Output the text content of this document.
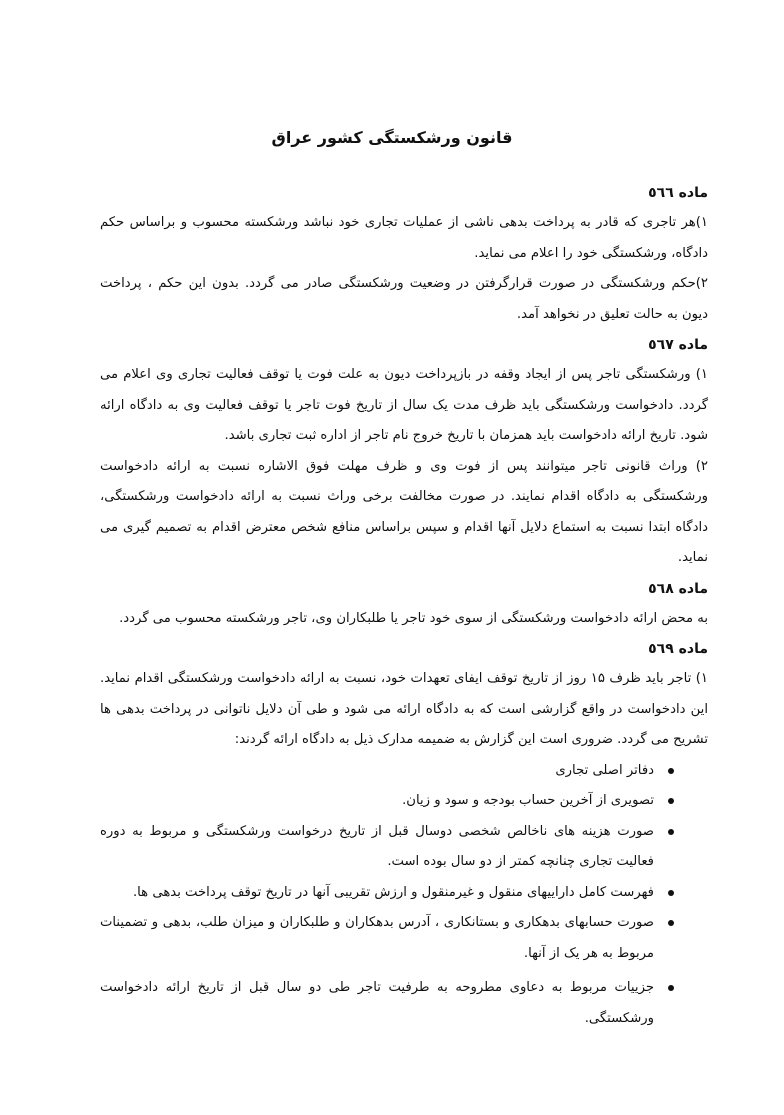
قانون ورشکستگی کشور عراق
ماده ٥٦٦

۱)هر تاجری که قادر به پرداخت بدهی ناشی از عملیات تجاری خود نباشد ورشکسته محسوب و براساس حکم دادگاه، ورشکستگی خود را اعلام می نماید.

۲)حکم ورشکستگی در صورت قرارگرفتن در وضعیت ورشکستگی صادر می گردد. بدون این حکم ، پرداخت دیون به حالت تعلیق در نخواهد آمد.

ماده ٥٦٧

۱) ورشکستگی تاجر پس از ایجاد وقفه در بازپرداخت دیون به علت فوت یا توقف فعالیت تجاری وی اعلام می گردد. دادخواست ورشکستگی باید ظرف مدت یک سال از تاریخ فوت تاجر یا توقف فعالیت وی به دادگاه ارائه شود. تاریخ ارائه دادخواست باید همزمان با تاریخ خروج نام تاجر از اداره ثبت تجاری باشد.

۲) وراث قانونی تاجر میتوانند پس از فوت وی و ظرف مهلت فوق الاشاره نسبت به ارائه دادخواست ورشکستگی به دادگاه اقدام نمایند. در صورت مخالفت برخی وراث نسبت به ارائه دادخواست ورشکستگی، دادگاه ابتدا نسبت به استماع دلایل آنها اقدام و سپس براساس منافع شخص معترض اقدام به تصمیم گیری می نماید.

ماده ٥٦٨

به محض ارائه دادخواست ورشکستگی از سوی خود تاجر یا طلبکاران وی، تاجر ورشکسته محسوب می گردد.

ماده ٥٦٩

۱) تاجر باید ظرف ۱۵ روز از تاریخ توقف ایفای تعهدات خود، نسبت به ارائه دادخواست ورشکستگی اقدام نماید. این دادخواست در واقع گزارشی است که به دادگاه ارائه می شود و طی آن دلایل ناتوانی در پرداخت بدهی ها تشریح می گردد. ضروری است این گزارش به ضمیمه مدارک ذیل به دادگاه ارائه گردند:

دفاتر اصلی تجاری
تصویری از آخرین حساب بودجه و سود و زیان.
صورت هزینه های ناخالص شخصی دوسال قبل از تاریخ درخواست ورشکستگی و مربوط به دوره فعالیت تجاری چنانچه کمتر از دو سال بوده است.
فهرست کامل داراییهای منقول و غیرمنقول و ارزش تقریبی آنها در تاریخ توقف پرداخت بدهی ها.
صورت حسابهای بدهکاری و بستانکاری ، آدرس بدهکاران و طلبکاران و میزان طلب، بدهی و تضمینات مربوط به هر یک از آنها.
جزییات مربوط به دعاوی مطروحه به طرفیت تاجر طی دو سال قبل از تاریخ ارائه دادخواست ورشکستگی.
